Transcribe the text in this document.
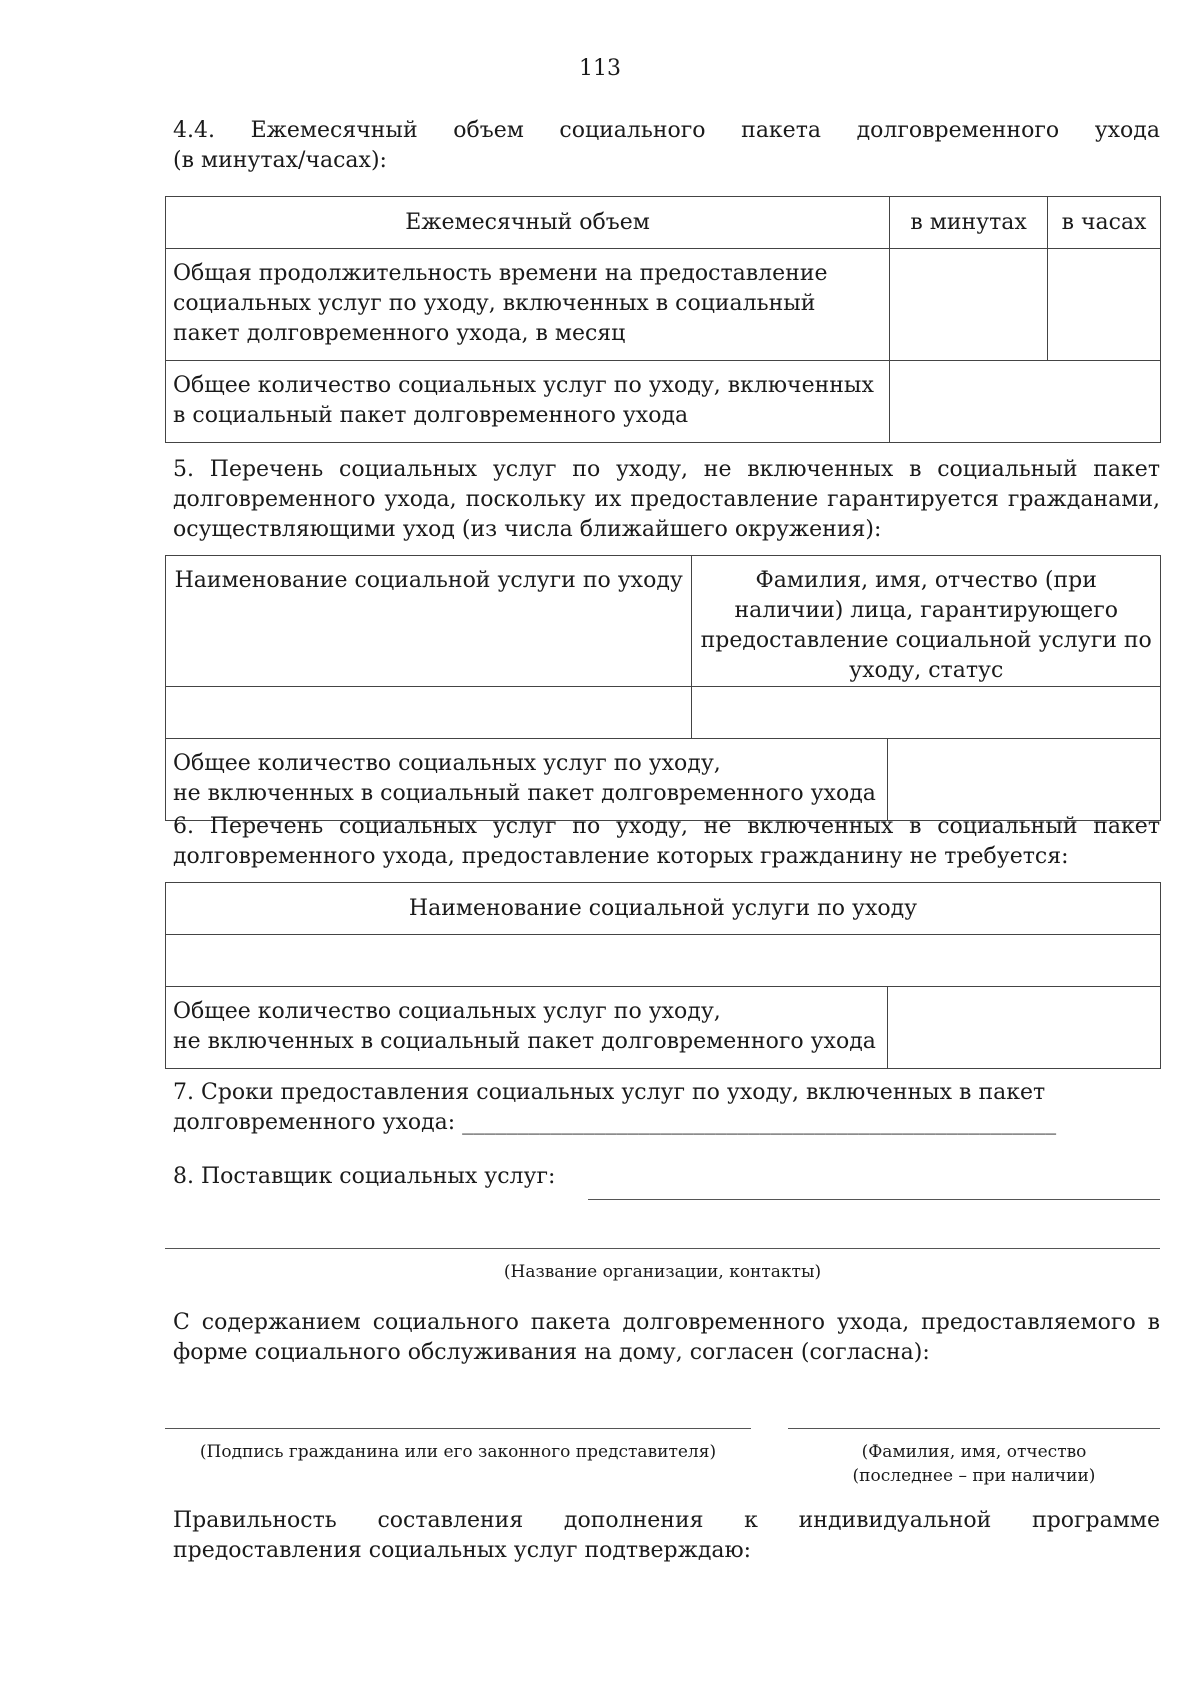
113
4.4. Ежемесячный объем социального пакета долговременного ухода
(в минутах/часах):
Ежемесячный объем	в минутах	в часах
Общая продолжительность времени на предоставление социальных услуг по уходу, включенных в социальный пакет долговременного ухода, в месяц		
Общее количество социальных услуг по уходу, включенных в социальный пакет долговременного ухода		
5. Перечень социальных услуг по уходу, не включенных в социальный пакет долговременного ухода, поскольку их предоставление гарантируется гражданами, осуществляющими уход (из числа ближайшего окружения):
Наименование социальной услуги по уходу	Фамилия, имя, отчество (при наличии) лица, гарантирующего предоставление социальной услуги по уходу, статус	

Общее количество социальных услуг по уходу,
не включенных в социальный пакет долговременного ухода		
6. Перечень социальных услуг по уходу, не включенных в социальный пакет долговременного ухода, предоставление которых гражданину не требуется:
Наименование социальной услуги по уходу

Общее количество социальных услуг по уходу,
не включенных в социальный пакет долговременного ухода	
7. Сроки предоставления социальных услуг по уходу, включенных в пакет
долговременного ухода: ______________________________________________________
8. Поставщик социальных услуг:
(Название организации, контакты)
С содержанием социального пакета долговременного ухода, предоставляемого в форме социального обслуживания на дому, согласен (согласна):
(Подпись гражданина или его законного представителя)	(Фамилия, имя, отчество
(последнее – при наличии)
Правильность составления дополнения к индивидуальной программе предоставления социальных услуг подтверждаю:
